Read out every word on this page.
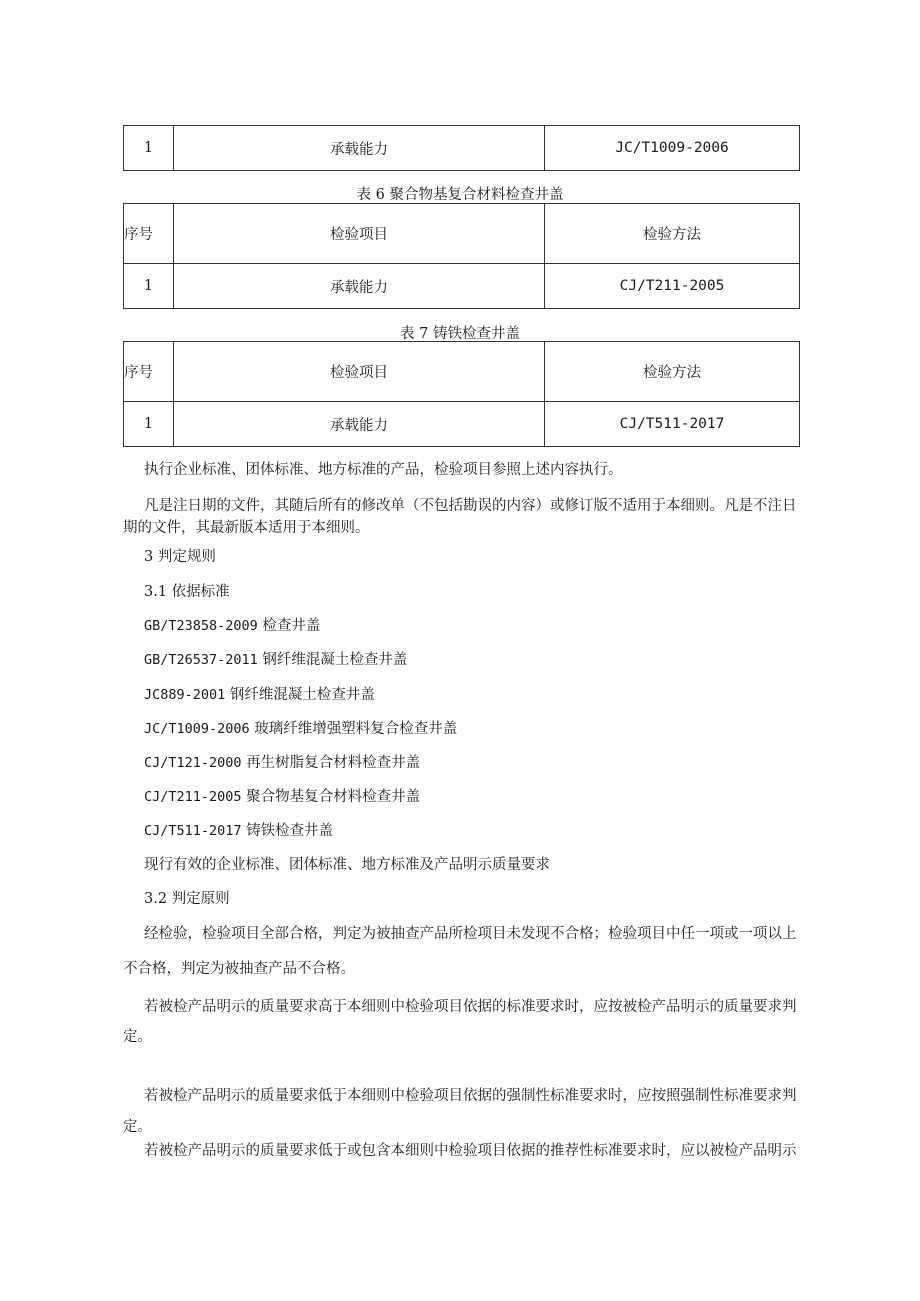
1	承载能力	JC/T1009-2006
表 6 聚合物基复合材料检查井盖
序号	检验项目	检验方法
1	承载能力	CJ/T211-2005
表 7 铸铁检查井盖
序号	检验项目	检验方法
1	承载能力	CJ/T511-2017
执行企业标准、团体标准、地方标准的产品，检验项目参照上述内容执行。
凡是注日期的文件，其随后所有的修改单（不包括勘误的内容）或修订版不适用于本细则。凡是不注日
期的文件，其最新版本适用于本细则。
3 判定规则
3.1 依据标准
GB/T23858-2009 检查井盖
GB/T26537-2011 钢纤维混凝土检查井盖
JC889-2001 钢纤维混凝土检查井盖
JC/T1009-2006 玻璃纤维增强塑料复合检查井盖
CJ/T121-2000 再生树脂复合材料检查井盖
CJ/T211-2005 聚合物基复合材料检查井盖
CJ/T511-2017 铸铁检查井盖
现行有效的企业标准、团体标准、地方标准及产品明示质量要求
3.2 判定原则
经检验，检验项目全部合格，判定为被抽查产品所检项目未发现不合格；检验项目中任一项或一项以上
不合格，判定为被抽查产品不合格。
若被检产品明示的质量要求高于本细则中检验项目依据的标准要求时，应按被检产品明示的质量要求判
定。
若被检产品明示的质量要求低于本细则中检验项目依据的强制性标准要求时，应按照强制性标准要求判
定。
若被检产品明示的质量要求低于或包含本细则中检验项目依据的推荐性标准要求时，应以被检产品明示
